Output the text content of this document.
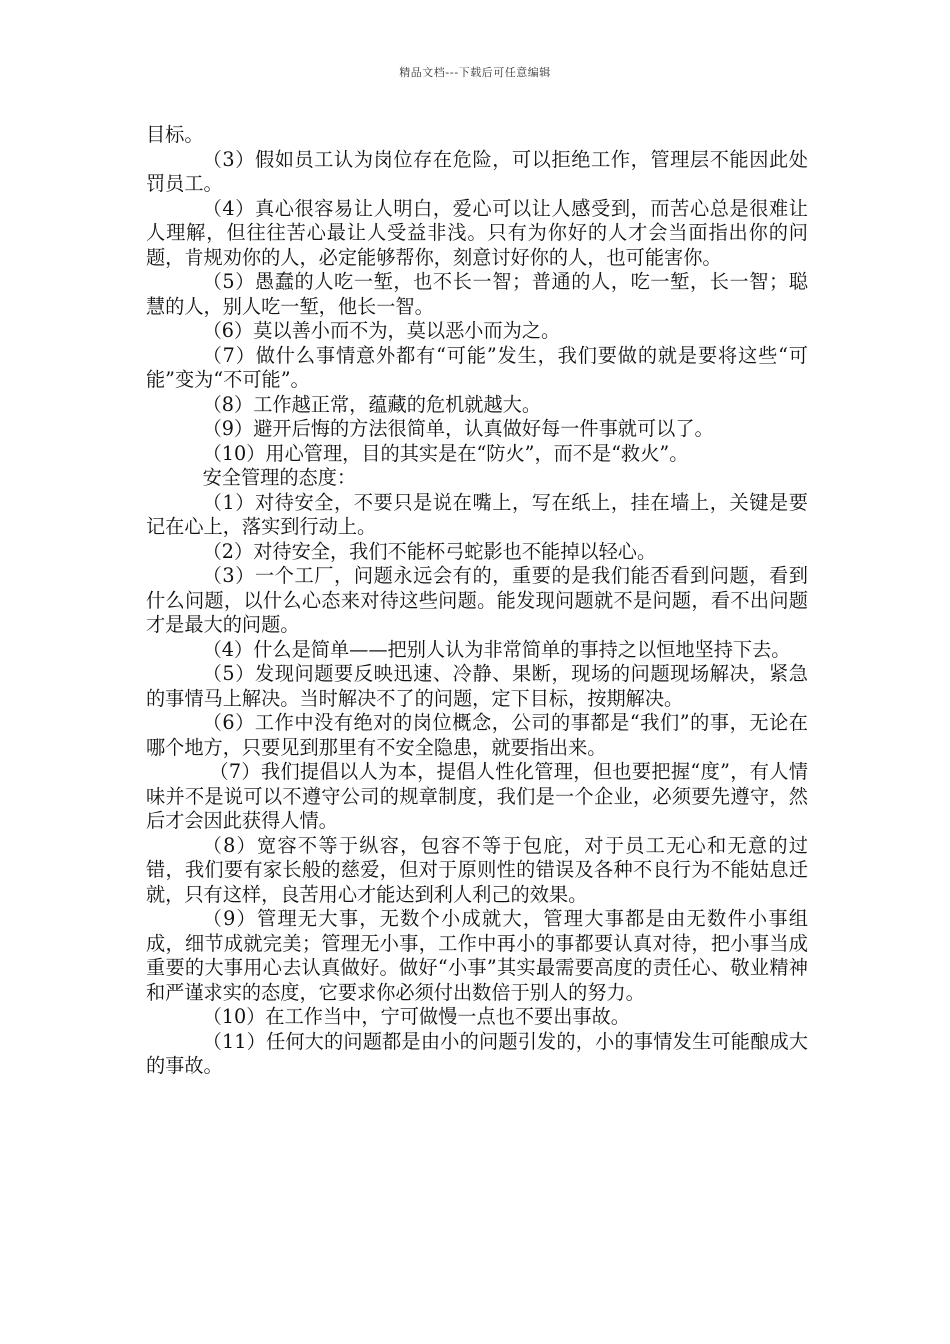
精品文档---下载后可任意编辑

目标。

（3）假如员工认为岗位存在危险，可以拒绝工作，管理层不能因此处罚员工。

（4）真心很容易让人明白，爱心可以让人感受到，而苦心总是很难让人理解，但往往苦心最让人受益非浅。只有为你好的人才会当面指出你的问题，肯规劝你的人，必定能够帮你，刻意讨好你的人，也可能害你。

（5）愚蠢的人吃一堑，也不长一智；普通的人，吃一堑，长一智；聪慧的人，别人吃一堑，他长一智。

（6）莫以善小而不为，莫以恶小而为之。

（7）做什么事情意外都有“可能”发生，我们要做的就是要将这些“可能”变为“不可能”。

（8）工作越正常，蕴藏的危机就越大。

（9）避开后悔的方法很简单，认真做好每一件事就可以了。

（10）用心管理，目的其实是在“防火”，而不是“救火”。

安全管理的态度：

（1）对待安全，不要只是说在嘴上，写在纸上，挂在墙上，关键是要记在心上，落实到行动上。

（2）对待安全，我们不能杯弓蛇影也不能掉以轻心。

（3）一个工厂，问题永远会有的，重要的是我们能否看到问题，看到什么问题，以什么心态来对待这些问题。能发现问题就不是问题，看不出问题才是最大的问题。

（4）什么是简单——把别人认为非常简单的事持之以恒地坚持下去。

（5）发现问题要反映迅速、冷静、果断，现场的问题现场解决，紧急的事情马上解决。当时解决不了的问题，定下目标，按期解决。

（6）工作中没有绝对的岗位概念，公司的事都是“我们”的事，无论在哪个地方，只要见到那里有不安全隐患，就要指出来。

（7）我们提倡以人为本，提倡人性化管理，但也要把握“度”，有人情味并不是说可以不遵守公司的规章制度，我们是一个企业，必须要先遵守，然后才会因此获得人情。

（8）宽容不等于纵容，包容不等于包庇，对于员工无心和无意的过错，我们要有家长般的慈爱，但对于原则性的错误及各种不良行为不能姑息迁就，只有这样，良苦用心才能达到利人利己的效果。

（9）管理无大事，无数个小成就大，管理大事都是由无数件小事组成，细节成就完美；管理无小事，工作中再小的事都要认真对待，把小事当成重要的大事用心去认真做好。做好“小事”其实最需要高度的责任心、敬业精神和严谨求实的态度，它要求你必须付出数倍于别人的努力。

（10）在工作当中，宁可做慢一点也不要出事故。

（11）任何大的问题都是由小的问题引发的，小的事情发生可能酿成大的事故。
